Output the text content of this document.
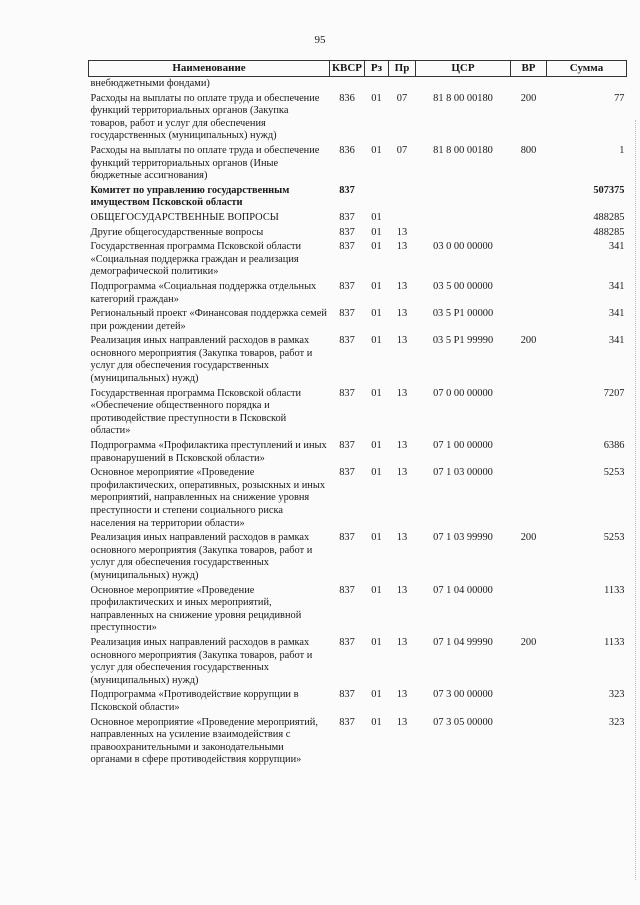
95
Наименование	КВСР	Рз	Пр	ЦСР	ВР	Сумма
внебюджетными фондами)						
Расходы на выплаты по оплате труда и обеспечение функций территориальных органов (Закупка товаров, работ и услуг для обеспечения государственных (муниципальных) нужд)	836	01	07	81 8 00 00180	200	77
Расходы на выплаты по оплате труда и обеспечение функций территориальных органов (Иные бюджетные ассигнования)	836	01	07	81 8 00 00180	800	1
Комитет по управлению государственным имуществом Псковской области	837					507375
ОБЩЕГОСУДАРСТВЕННЫЕ ВОПРОСЫ	837	01				488285
Другие общегосударственные вопросы	837	01	13			488285
Государственная программа Псковской области «Социальная поддержка граждан и реализация демографической политики»	837	01	13	03 0 00 00000		341
Подпрограмма «Социальная поддержка отдельных категорий граждан»	837	01	13	03 5 00 00000		341
Региональный проект «Финансовая поддержка семей при рождении детей»	837	01	13	03 5 P1 00000		341
Реализация иных направлений расходов в рамках основного мероприятия (Закупка товаров, работ и услуг для обеспечения государственных (муниципальных) нужд)	837	01	13	03 5 P1 99990	200	341
Государственная программа Псковской области «Обеспечение общественного порядка и противодействие преступности в Псковской области»	837	01	13	07 0 00 00000		7207
Подпрограмма «Профилактика преступлений и иных правонарушений в Псковской области»	837	01	13	07 1 00 00000		6386
Основное мероприятие «Проведение профилактических, оперативных, розыскных и иных мероприятий, направленных на снижение уровня преступности и степени социального риска населения на территории области»	837	01	13	07 1 03 00000		5253
Реализация иных направлений расходов в рамках основного мероприятия (Закупка товаров, работ и услуг для обеспечения государственных (муниципальных) нужд)	837	01	13	07 1 03 99990	200	5253
Основное мероприятие «Проведение профилактических и иных мероприятий, направленных на снижение уровня рецидивной преступности»	837	01	13	07 1 04 00000		1133
Реализация иных направлений расходов в рамках основного мероприятия (Закупка товаров, работ и услуг для обеспечения государственных (муниципальных) нужд)	837	01	13	07 1 04 99990	200	1133
Подпрограмма «Противодействие коррупции в Псковской области»	837	01	13	07 3 00 00000		323
Основное мероприятие «Проведение мероприятий, направленных на усиление взаимодействия с правоохранительными и законодательными органами в сфере противодействия коррупции»	837	01	13	07 3 05 00000		323
